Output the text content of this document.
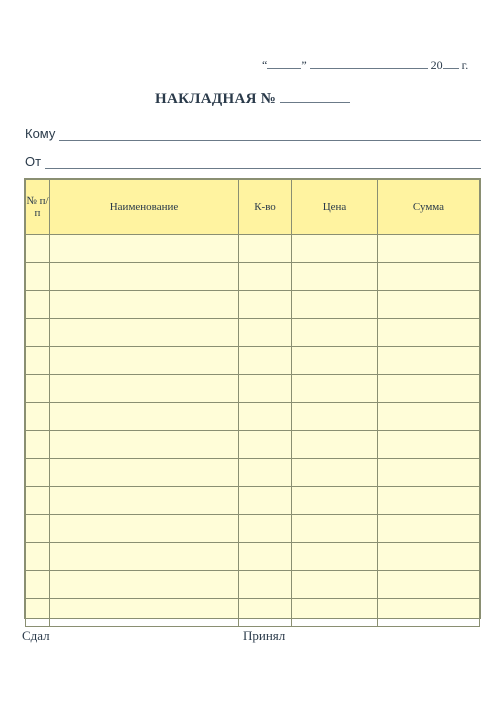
“	”	20 г.
НАКЛАДНАЯ №
Кому
От
№ п/п	Наименование	К-во	Цена	Сумма

Сдал	Принял
